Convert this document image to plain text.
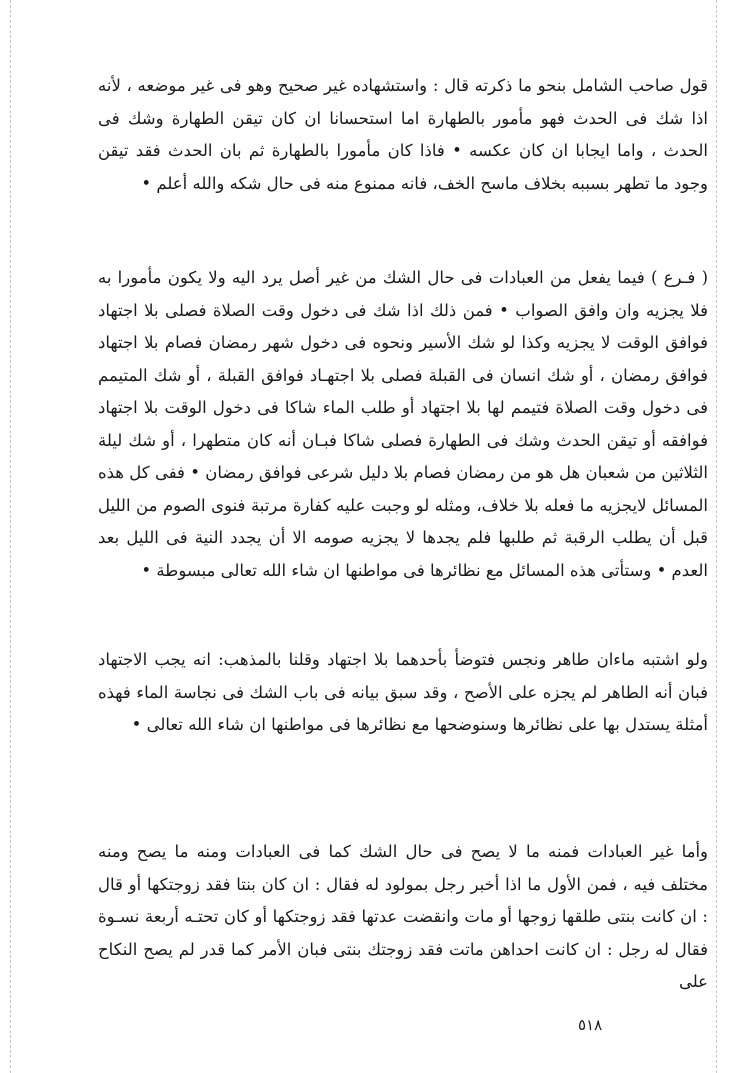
قول صاحب الشامل بنحو ما ذكرته قال : واستشهاده غير صحيح وهو فى غير موضعه ، لأنه اذا شك فى الحدث فهو مأمور بالطهارة اما استحسانا ان كان تيقن الطهارة وشك فى الحدث ، واما ايجابا ان كان عكسه • فاذا كان مأمورا بالطهارة ثم بان الحدث فقد تيقن وجود ما تطهر بسببه بخلاف ماسح الخف، فانه ممنوع منه فى حال شكه والله أعلم •

( فـرع ) فيما يفعل من العبادات فى حال الشك من غير أصل يرد اليه ولا يكون مأمورا به فلا يجزيه وان وافق الصواب • فمن ذلك اذا شك فى دخول وقت الصلاة فصلى بلا اجتهاد فوافق الوقت لا يجزيه وكذا لو شك الأسير ونحوه فى دخول شهر رمضان فصام بلا اجتهاد فوافق رمضان ، أو شك انسان فى القبلة فصلى بلا اجتهـاد فوافق القبلة ، أو شك المتيمم فى دخول وقت الصلاة فتيمم لها بلا اجتهاد أو طلب الماء شاكا فى دخول الوقت بلا اجتهاد فوافقه أو تيقن الحدث وشك فى الطهارة فصلى شاكا فبـان أنه كان متطهرا ، أو شك ليلة الثلاثين من شعبان هل هو من رمضان فصام بلا دليل شرعى فوافق رمضان • ففى كل هذه المسائل لايجزيه ما فعله بلا خلاف، ومثله لو وجبت عليه كفارة مرتبة فنوى الصوم من الليل قبل أن يطلب الرقبة ثم طلبها فلم يجدها لا يجزيه صومه الا أن يجدد النية فى الليل بعد العدم • وستأتى هذه المسائل مع نظائرها فى مواطنها ان شاء الله تعالى مبسوطة •

ولو اشتبه ماءان طاهر ونجس فتوضأ بأحدهما بلا اجتهاد وقلنا بالمذهب: انه يجب الاجتهاد فبان أنه الطاهر لم يجزه على الأصح ، وقد سبق بيانه فى باب الشك فى نجاسة الماء فهذه أمثلة يستدل بها على نظائرها وسنوضحها مع نظائرها فى مواطنها ان شاء الله تعالى •

وأما غير العبادات فمنه ما لا يصح فى حال الشك كما فى العبادات ومنه ما يصح ومنه مختلف فيه ، فمن الأول ما اذا أخبر رجل بمولود له فقال : ان كان بنتا فقد زوجتكها أو قال : ان كانت بنتى طلقها زوجها أو مات وانقضت عدتها فقد زوجتكها أو كان تحتـه أربعة نسـوة فقال له رجل : ان كانت احداهن ماتت فقد زوجتك بنتى فبان الأمر كما قدر لم يصح النكاح على

٥١٨
